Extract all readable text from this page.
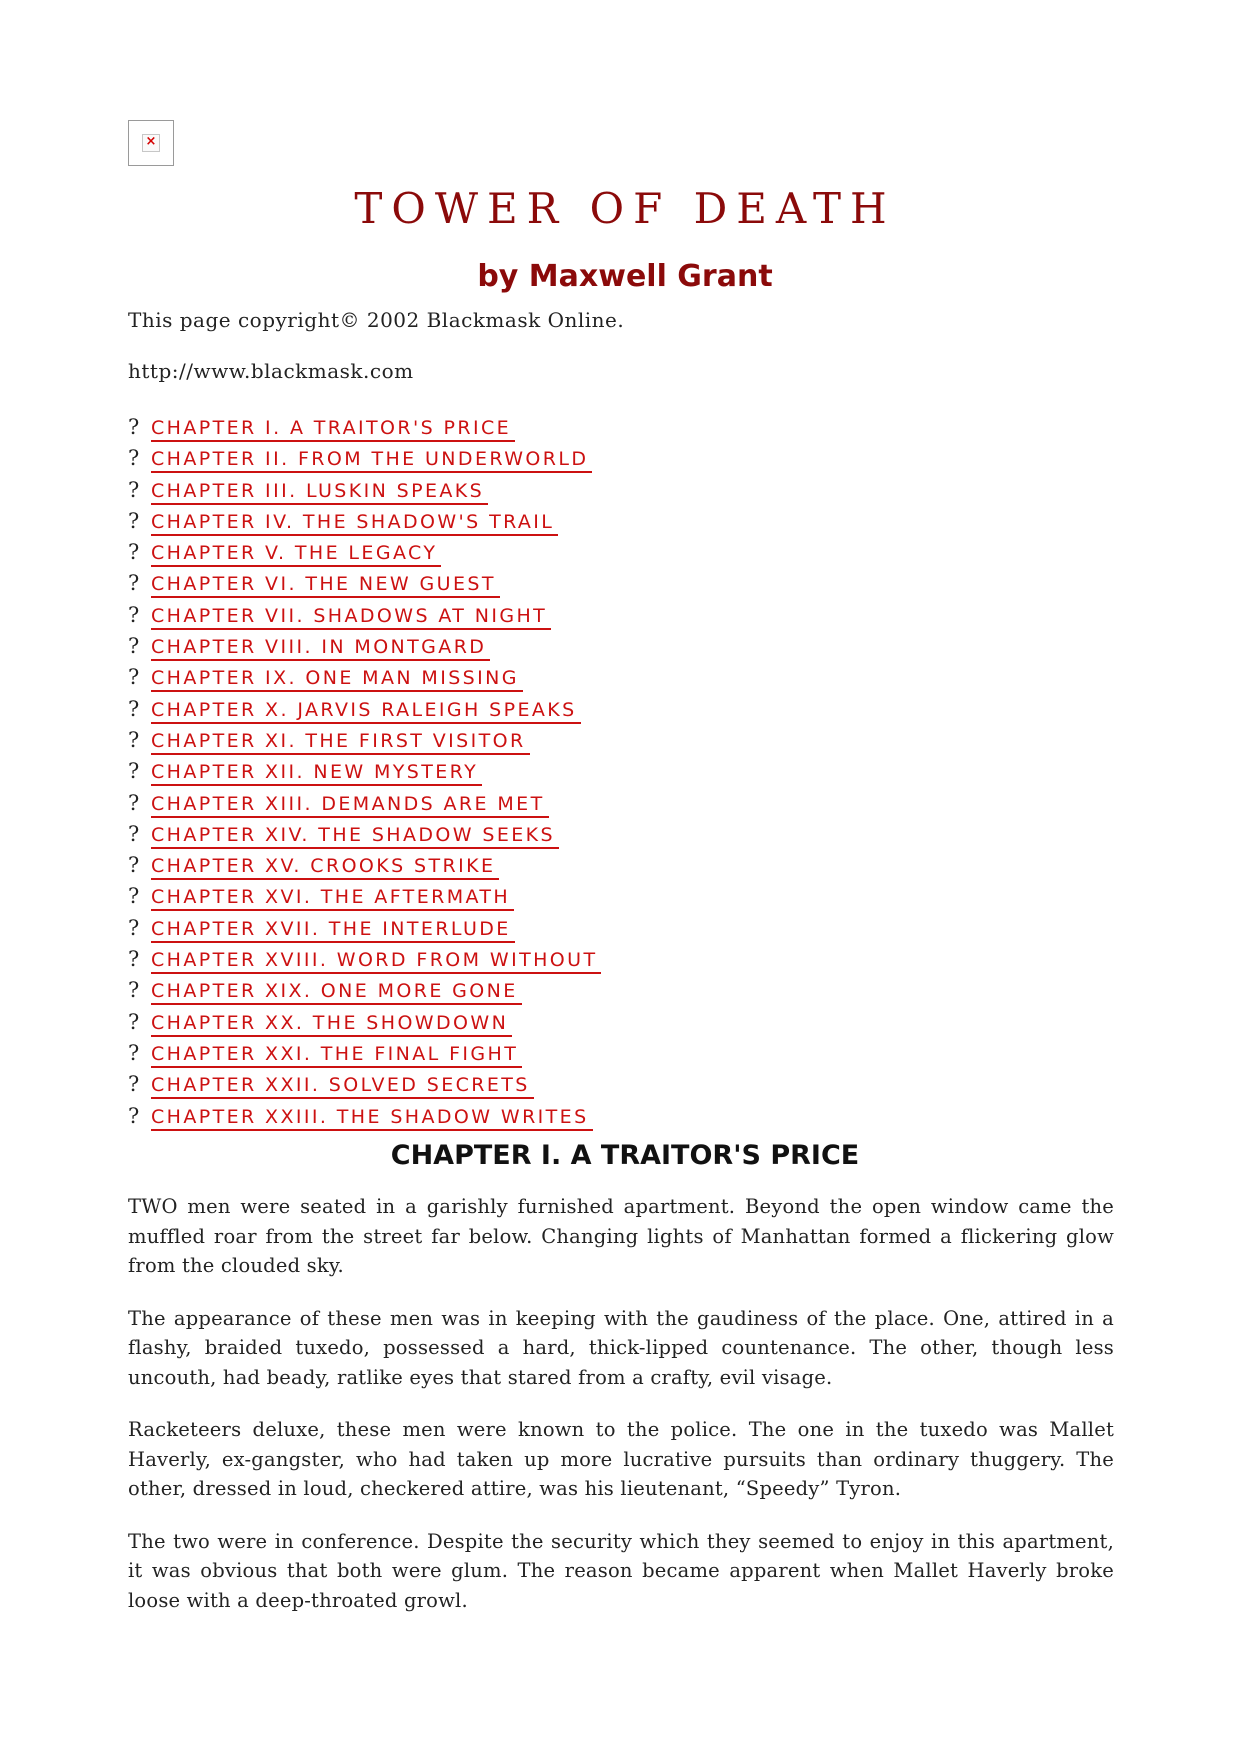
×
TOWER OF DEATH
by Maxwell Grant
This page copyright© 2002 Blackmask Online.
http://www.blackmask.com
? CHAPTER I. A TRAITOR'S PRICE
? CHAPTER II. FROM THE UNDERWORLD
? CHAPTER III. LUSKIN SPEAKS
? CHAPTER IV. THE SHADOW'S TRAIL
? CHAPTER V. THE LEGACY
? CHAPTER VI. THE NEW GUEST
? CHAPTER VII. SHADOWS AT NIGHT
? CHAPTER VIII. IN MONTGARD
? CHAPTER IX. ONE MAN MISSING
? CHAPTER X. JARVIS RALEIGH SPEAKS
? CHAPTER XI. THE FIRST VISITOR
? CHAPTER XII. NEW MYSTERY
? CHAPTER XIII. DEMANDS ARE MET
? CHAPTER XIV. THE SHADOW SEEKS
? CHAPTER XV. CROOKS STRIKE
? CHAPTER XVI. THE AFTERMATH
? CHAPTER XVII. THE INTERLUDE
? CHAPTER XVIII. WORD FROM WITHOUT
? CHAPTER XIX. ONE MORE GONE
? CHAPTER XX. THE SHOWDOWN
? CHAPTER XXI. THE FINAL FIGHT
? CHAPTER XXII. SOLVED SECRETS
? CHAPTER XXIII. THE SHADOW WRITES
CHAPTER I. A TRAITOR'S PRICE

TWO men were seated in a garishly furnished apartment. Beyond the open window came the muffled roar from the street far below. Changing lights of Manhattan formed a flickering glow from the clouded sky.

The appearance of these men was in keeping with the gaudiness of the place. One, attired in a flashy, braided tuxedo, possessed a hard, thick-lipped countenance. The other, though less uncouth, had beady, ratlike eyes that stared from a crafty, evil visage.

Racketeers deluxe, these men were known to the police. The one in the tuxedo was Mallet Haverly, ex-gangster, who had taken up more lucrative pursuits than ordinary thuggery. The other, dressed in loud, checkered attire, was his lieutenant, “Speedy” Tyron.

The two were in conference. Despite the security which they seemed to enjoy in this apartment, it was obvious that both were glum. The reason became apparent when Mallet Haverly broke loose with a deep-throated growl.
